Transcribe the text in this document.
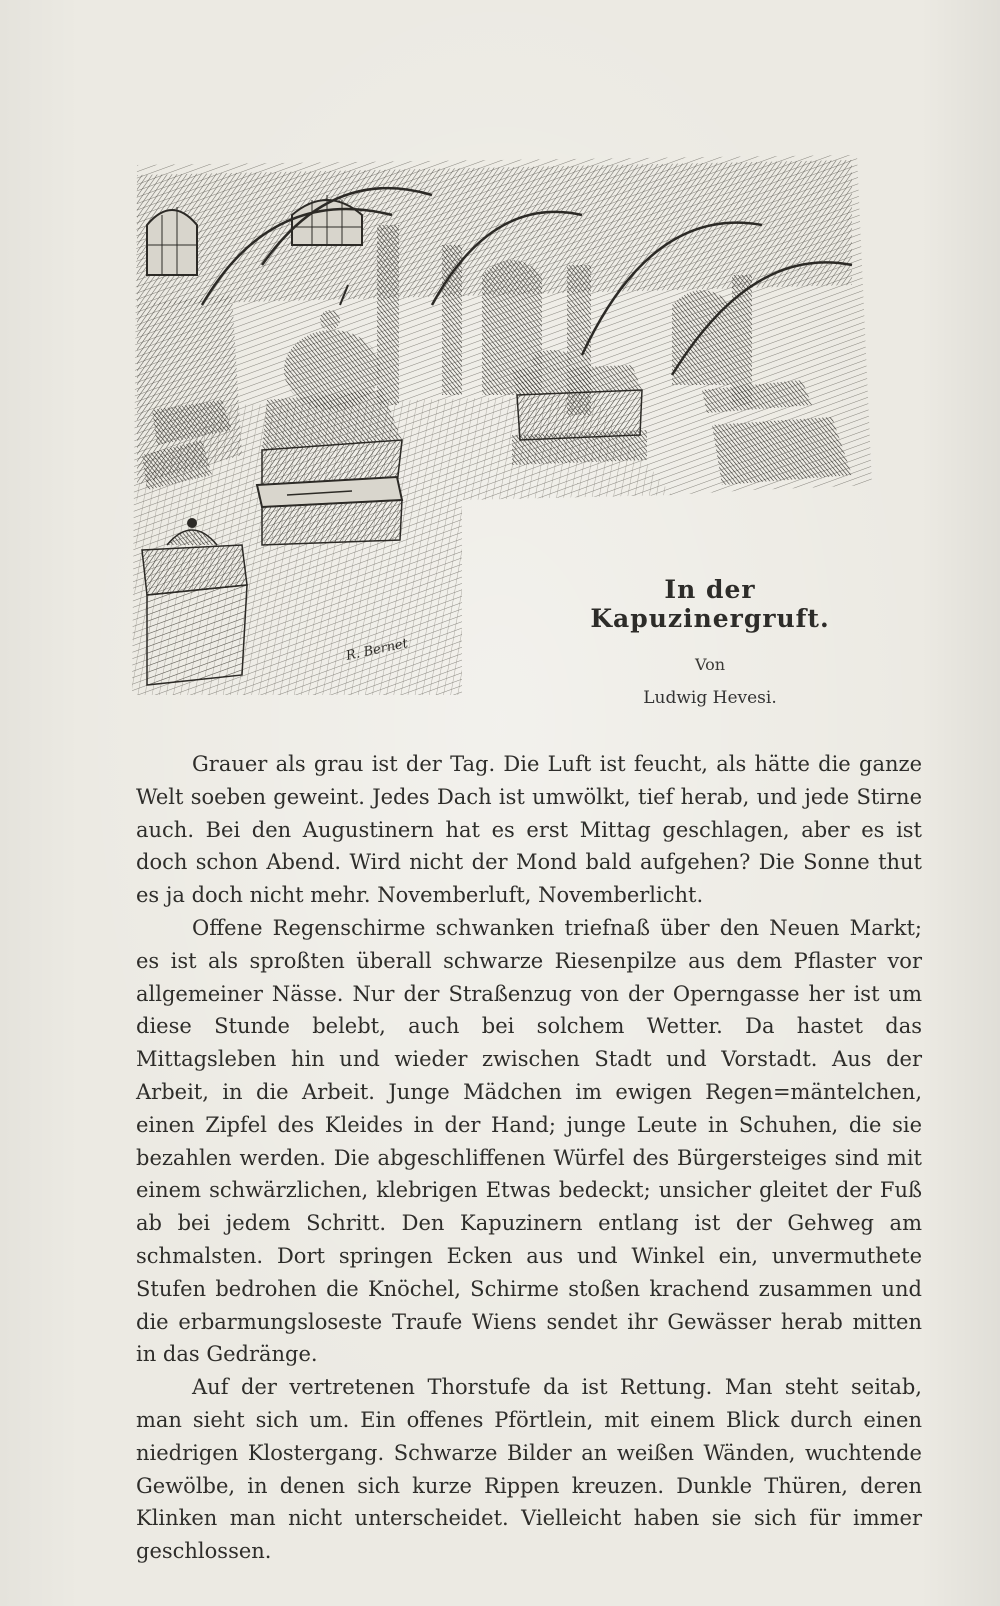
R. Bernet
In der Kapuzinergruft.
Von
Ludwig Hevesi.

Grauer als grau ist der Tag. Die Luft ist feucht, als hätte die ganze Welt soeben geweint. Jedes Dach ist umwölkt, tief herab, und jede Stirne auch. Bei den Augustinern hat es erst Mittag geschlagen, aber es ist doch schon Abend. Wird nicht der Mond bald aufgehen? Die Sonne thut es ja doch nicht mehr. Novemberluft, Novemberlicht.

Offene Regenschirme schwanken triefnaß über den Neuen Markt; es ist als sproßten überall schwarze Riesenpilze aus dem Pflaster vor allgemeiner Nässe. Nur der Straßenzug von der Operngasse her ist um diese Stunde belebt, auch bei solchem Wetter. Da hastet das Mittagsleben hin und wieder zwischen Stadt und Vorstadt. Aus der Arbeit, in die Arbeit. Junge Mädchen im ewigen Regen=mäntelchen, einen Zipfel des Kleides in der Hand; junge Leute in Schuhen, die sie bezahlen werden. Die abgeschliffenen Würfel des Bürgersteiges sind mit einem schwärzlichen, klebrigen Etwas bedeckt; unsicher gleitet der Fuß ab bei jedem Schritt. Den Kapuzinern entlang ist der Gehweg am schmalsten. Dort springen Ecken aus und Winkel ein, unvermuthete Stufen bedrohen die Knöchel, Schirme stoßen krachend zusammen und die erbarmungsloseste Traufe Wiens sendet ihr Gewässer herab mitten in das Gedränge.

Auf der vertretenen Thorstufe da ist Rettung. Man steht seitab, man sieht sich um. Ein offenes Pförtlein, mit einem Blick durch einen niedrigen Klostergang. Schwarze Bilder an weißen Wänden, wuchtende Gewölbe, in denen sich kurze Rippen kreuzen. Dunkle Thüren, deren Klinken man nicht unterscheidet. Vielleicht haben sie sich für immer geschlossen.
